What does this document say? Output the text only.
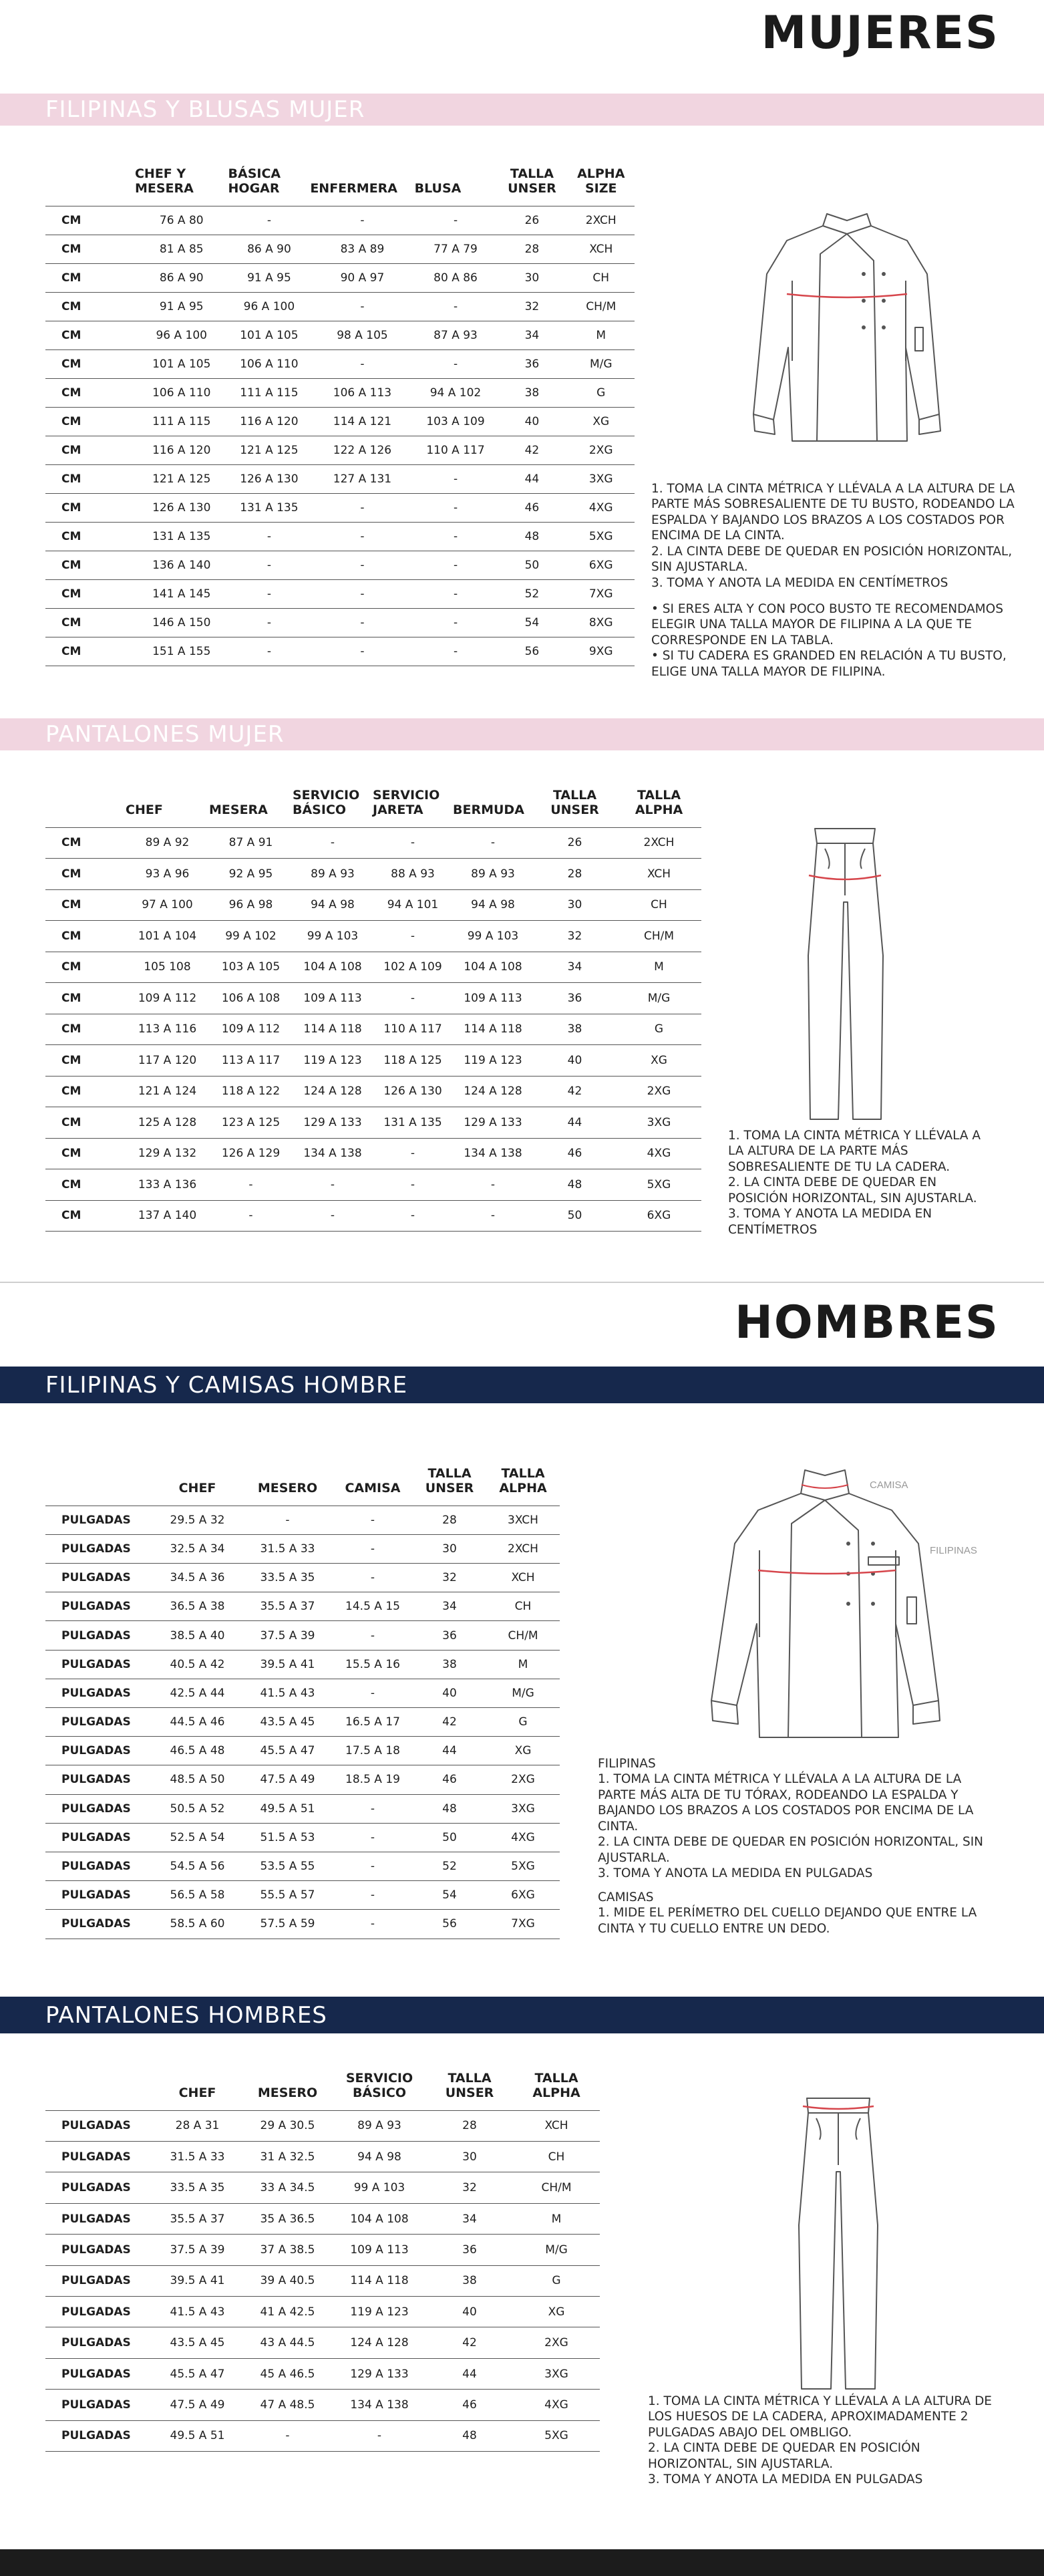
MUJERES
FILIPINAS Y BLUSAS MUJER
	CHEF Y MESERA	BÁSICA HOGAR	ENFERMERA	BLUSA	TALLA UNSER	ALPHA SIZE
CM	76 A 80	-	-	-	26	2XCH
CM	81 A 85	86 A 90	83 A 89	77 A 79	28	XCH
CM	86 A 90	91 A 95	90 A 97	80 A 86	30	CH
CM	91 A 95	96 A 100	-	-	32	CH/M
CM	96 A 100	101 A 105	98 A 105	87 A 93	34	M
CM	101 A 105	106 A 110	-	-	36	M/G
CM	106 A 110	111 A 115	106 A 113	94 A 102	38	G
CM	111 A 115	116 A 120	114 A 121	103 A 109	40	XG
CM	116 A 120	121 A 125	122 A 126	110 A 117	42	2XG
CM	121 A 125	126 A 130	127 A 131	-	44	3XG
CM	126 A 130	131 A 135	-	-	46	4XG
CM	131 A 135	-	-	-	48	5XG
CM	136 A 140	-	-	-	50	6XG
CM	141 A 145	-	-	-	52	7XG
CM	146 A 150	-	-	-	54	8XG
CM	151 A 155	-	-	-	56	9XG

1. TOMA LA CINTA MÉTRICA Y LLÉVALA A LA ALTURA DE LA
PARTE MÁS SOBRESALIENTE DE TU BUSTO, RODEANDO LA
ESPALDA Y BAJANDO LOS BRAZOS A LOS COSTADOS POR
ENCIMA DE LA CINTA.
2. LA CINTA DEBE DE QUEDAR EN POSICIÓN HORIZONTAL,
SIN AJUSTARLA.
3. TOMA Y ANOTA LA MEDIDA EN CENTÍMETROS

• SI ERES ALTA Y CON POCO BUSTO TE RECOMENDAMOS
ELEGIR UNA TALLA MAYOR DE FILIPINA A LA QUE TE
CORRESPONDE EN LA TABLA.
• SI TU CADERA ES GRANDED EN RELACIÓN A TU BUSTO,
ELIGE UNA TALLA MAYOR DE FILIPINA.

PANTALONES MUJER
	CHEF	MESERA	SERVICIO BÁSICO	SERVICIO JARETA	BERMUDA	TALLA UNSER	TALLA ALPHA
CM	89 A 92	87 A 91	-	-	-	26	2XCH
CM	93 A 96	92 A 95	89 A 93	88 A 93	89 A 93	28	XCH
CM	97 A 100	96 A 98	94 A 98	94 A 101	94 A 98	30	CH
CM	101 A 104	99 A 102	99 A 103	-	99 A 103	32	CH/M
CM	105 108	103 A 105	104 A 108	102 A 109	104 A 108	34	M
CM	109 A 112	106 A 108	109 A 113	-	109 A 113	36	M/G
CM	113 A 116	109 A 112	114 A 118	110 A 117	114 A 118	38	G
CM	117 A 120	113 A 117	119 A 123	118 A 125	119 A 123	40	XG
CM	121 A 124	118 A 122	124 A 128	126 A 130	124 A 128	42	2XG
CM	125 A 128	123 A 125	129 A 133	131 A 135	129 A 133	44	3XG
CM	129 A 132	126 A 129	134 A 138	-	134 A 138	46	4XG
CM	133 A 136	-	-	-	-	48	5XG
CM	137 A 140	-	-	-	-	50	6XG

1. TOMA LA CINTA MÉTRICA Y LLÉVALA A
LA ALTURA DE LA PARTE MÁS
SOBRESALIENTE DE TU LA CADERA.
2. LA CINTA DEBE DE QUEDAR EN
POSICIÓN HORIZONTAL, SIN AJUSTARLA.
3. TOMA Y ANOTA LA MEDIDA EN
CENTÍMETROS

HOMBRES
FILIPINAS Y CAMISAS HOMBRE
	CHEF	MESERO	CAMISA	TALLA UNSER	TALLA ALPHA
PULGADAS	29.5 A 32	-	-	28	3XCH
PULGADAS	32.5 A 34	31.5 A 33	-	30	2XCH
PULGADAS	34.5 A 36	33.5 A 35	-	32	XCH
PULGADAS	36.5 A 38	35.5 A 37	14.5 A 15	34	CH
PULGADAS	38.5 A 40	37.5 A 39	-	36	CH/M
PULGADAS	40.5 A 42	39.5 A 41	15.5 A 16	38	M
PULGADAS	42.5 A 44	41.5 A 43	-	40	M/G
PULGADAS	44.5 A 46	43.5 A 45	16.5 A 17	42	G
PULGADAS	46.5 A 48	45.5 A 47	17.5 A 18	44	XG
PULGADAS	48.5 A 50	47.5 A 49	18.5 A 19	46	2XG
PULGADAS	50.5 A 52	49.5 A 51	-	48	3XG
PULGADAS	52.5 A 54	51.5 A 53	-	50	4XG
PULGADAS	54.5 A 56	53.5 A 55	-	52	5XG
PULGADAS	56.5 A 58	55.5 A 57	-	54	6XG
PULGADAS	58.5 A 60	57.5 A 59	-	56	7XG
CAMISA
FILIPINAS

FILIPINAS
1. TOMA LA CINTA MÉTRICA Y LLÉVALA A LA ALTURA DE LA
PARTE MÁS ALTA DE TU TÓRAX, RODEANDO LA ESPALDA Y
BAJANDO LOS BRAZOS A LOS COSTADOS POR ENCIMA DE LA
CINTA.
2. LA CINTA DEBE DE QUEDAR EN POSICIÓN HORIZONTAL, SIN
AJUSTARLA.
3. TOMA Y ANOTA LA MEDIDA EN PULGADAS

CAMISAS
1. MIDE EL PERÍMETRO DEL CUELLO DEJANDO QUE ENTRE LA
CINTA Y TU CUELLO ENTRE UN DEDO.

PANTALONES HOMBRES
	CHEF	MESERO	SERVICIO BÁSICO	TALLA UNSER	TALLA ALPHA
PULGADAS	28 A 31	29 A 30.5	89 A 93	28	XCH
PULGADAS	31.5 A 33	31 A 32.5	94 A 98	30	CH
PULGADAS	33.5 A 35	33 A 34.5	99 A 103	32	CH/M
PULGADAS	35.5 A 37	35 A 36.5	104 A 108	34	M
PULGADAS	37.5 A 39	37 A 38.5	109 A 113	36	M/G
PULGADAS	39.5 A 41	39 A 40.5	114 A 118	38	G
PULGADAS	41.5 A 43	41 A 42.5	119 A 123	40	XG
PULGADAS	43.5 A 45	43 A 44.5	124 A 128	42	2XG
PULGADAS	45.5 A 47	45 A 46.5	129 A 133	44	3XG
PULGADAS	47.5 A 49	47 A 48.5	134 A 138	46	4XG
PULGADAS	49.5 A 51	-	-	48	5XG

1. TOMA LA CINTA MÉTRICA Y LLÉVALA A LA ALTURA DE
LOS HUESOS DE LA CADERA, APROXIMADAMENTE 2
PULGADAS ABAJO DEL OMBLIGO.
2. LA CINTA DEBE DE QUEDAR EN POSICIÓN
HORIZONTAL, SIN AJUSTARLA.
3. TOMA Y ANOTA LA MEDIDA EN PULGADAS
